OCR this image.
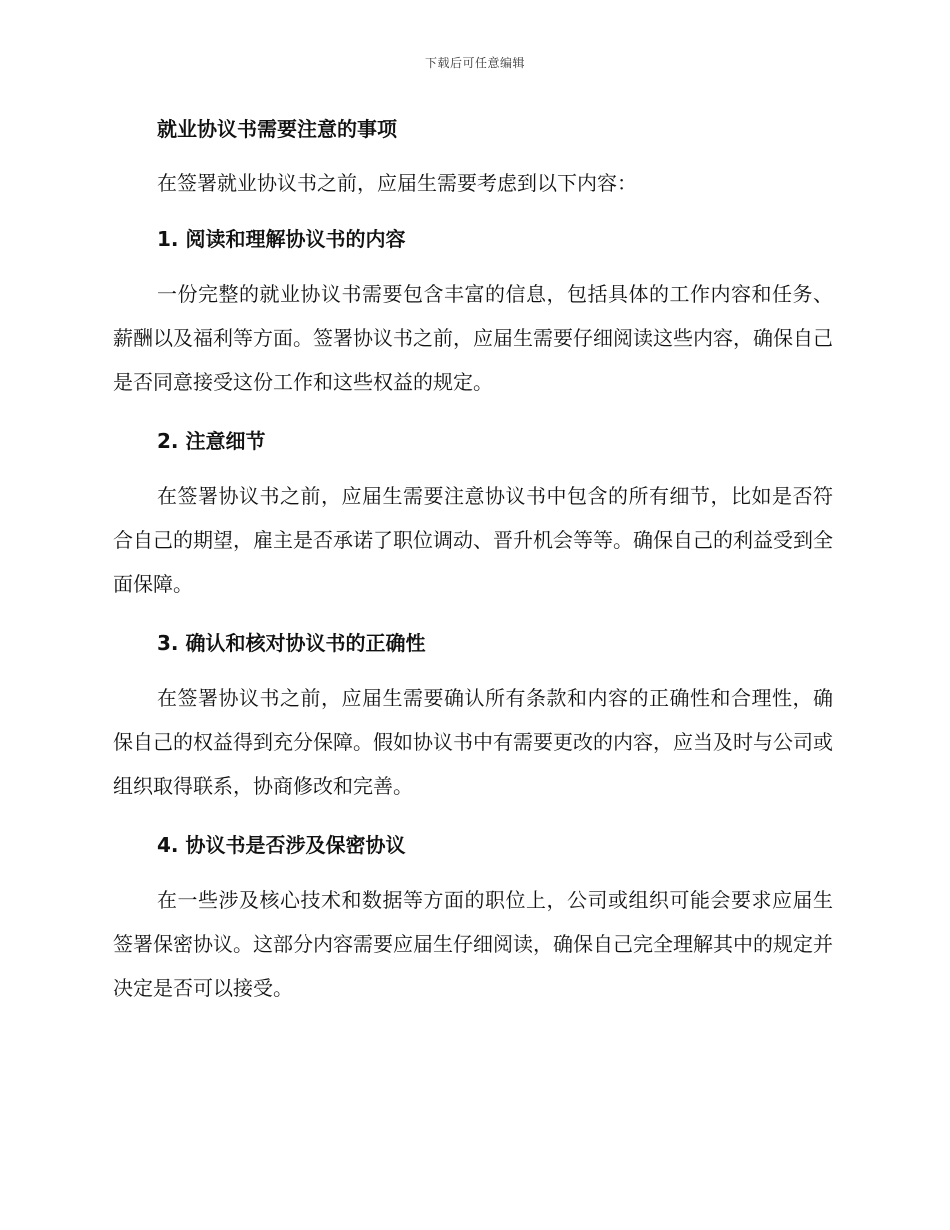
下载后可任意编辑
就业协议书需要注意的事项

在签署就业协议书之前，应届生需要考虑到以下内容：

1. 阅读和理解协议书的内容

一份完整的就业协议书需要包含丰富的信息，包括具体的工作内容和任务、薪酬以及福利等方面。签署协议书之前，应届生需要仔细阅读这些内容，确保自己是否同意接受这份工作和这些权益的规定。

2. 注意细节

在签署协议书之前，应届生需要注意协议书中包含的所有细节，比如是否符合自己的期望，雇主是否承诺了职位调动、晋升机会等等。确保自己的利益受到全面保障。

3. 确认和核对协议书的正确性

在签署协议书之前，应届生需要确认所有条款和内容的正确性和合理性，确保自己的权益得到充分保障。假如协议书中有需要更改的内容，应当及时与公司或组织取得联系，协商修改和完善。

4. 协议书是否涉及保密协议

在一些涉及核心技术和数据等方面的职位上，公司或组织可能会要求应届生签署保密协议。这部分内容需要应届生仔细阅读，确保自己完全理解其中的规定并决定是否可以接受。
